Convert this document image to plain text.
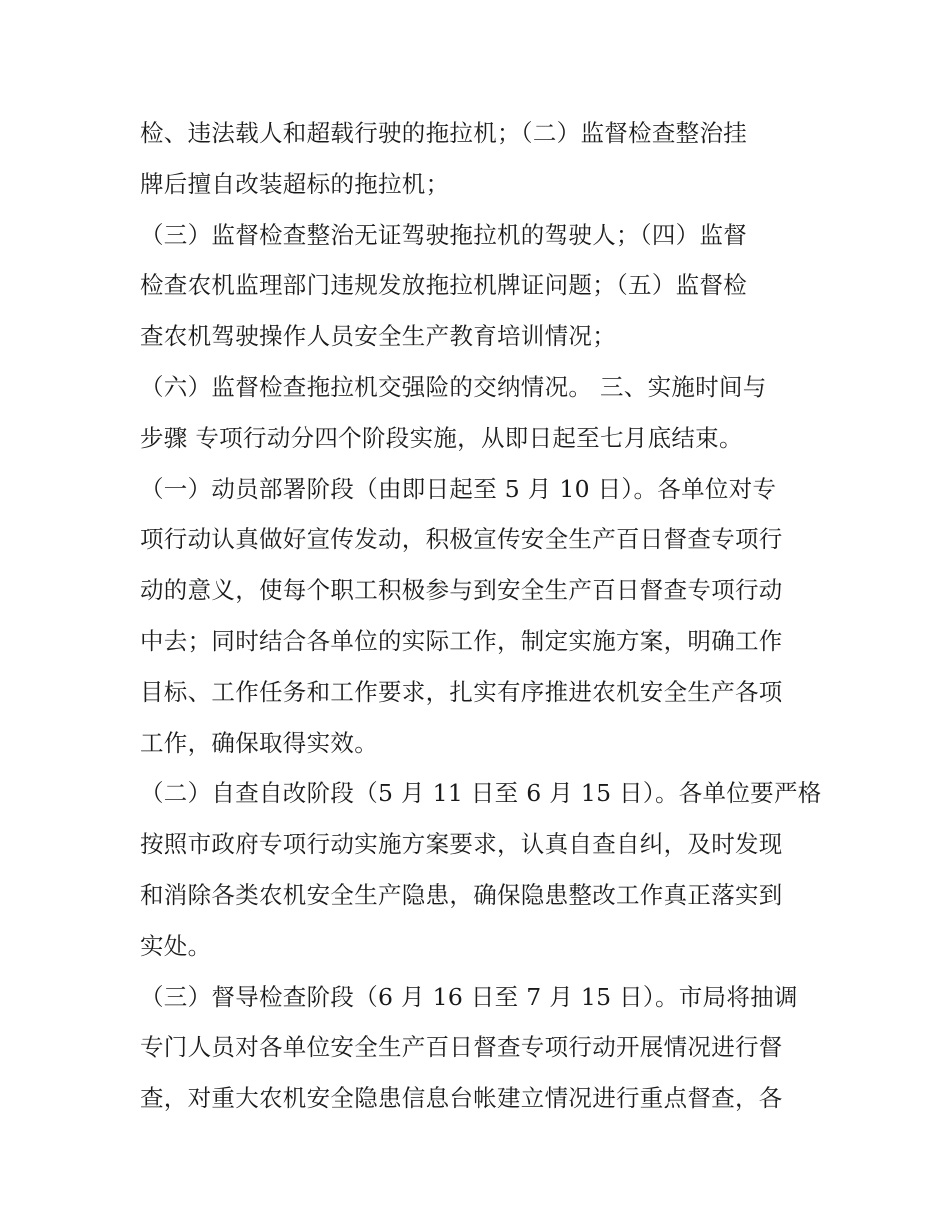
检、违法载人和超载行驶的拖拉机；（二）监督检查整治挂
牌后擅自改装超标的拖拉机；
（三）监督检查整治无证驾驶拖拉机的驾驶人；（四）监督
检查农机监理部门违规发放拖拉机牌证问题；（五）监督检
查农机驾驶操作人员安全生产教育培训情况；
（六）监督检查拖拉机交强险的交纳情况。 三、实施时间与
步骤 专项行动分四个阶段实施，从即日起至七月底结束。
（一）动员部署阶段（由即日起至 5 月 10 日）。各单位对专
项行动认真做好宣传发动，积极宣传安全生产百日督查专项行
动的意义，使每个职工积极参与到安全生产百日督查专项行动
中去；同时结合各单位的实际工作，制定实施方案，明确工作
目标、工作任务和工作要求，扎实有序推进农机安全生产各项
工作，确保取得实效。
（二）自查自改阶段（5 月 11 日至 6 月 15 日）。各单位要严格
按照市政府专项行动实施方案要求，认真自查自纠，及时发现
和消除各类农机安全生产隐患，确保隐患整改工作真正落实到
实处。
（三）督导检查阶段（6 月 16 日至 7 月 15 日）。市局将抽调
专门人员对各单位安全生产百日督查专项行动开展情况进行督
查，对重大农机安全隐患信息台帐建立情况进行重点督查，各
